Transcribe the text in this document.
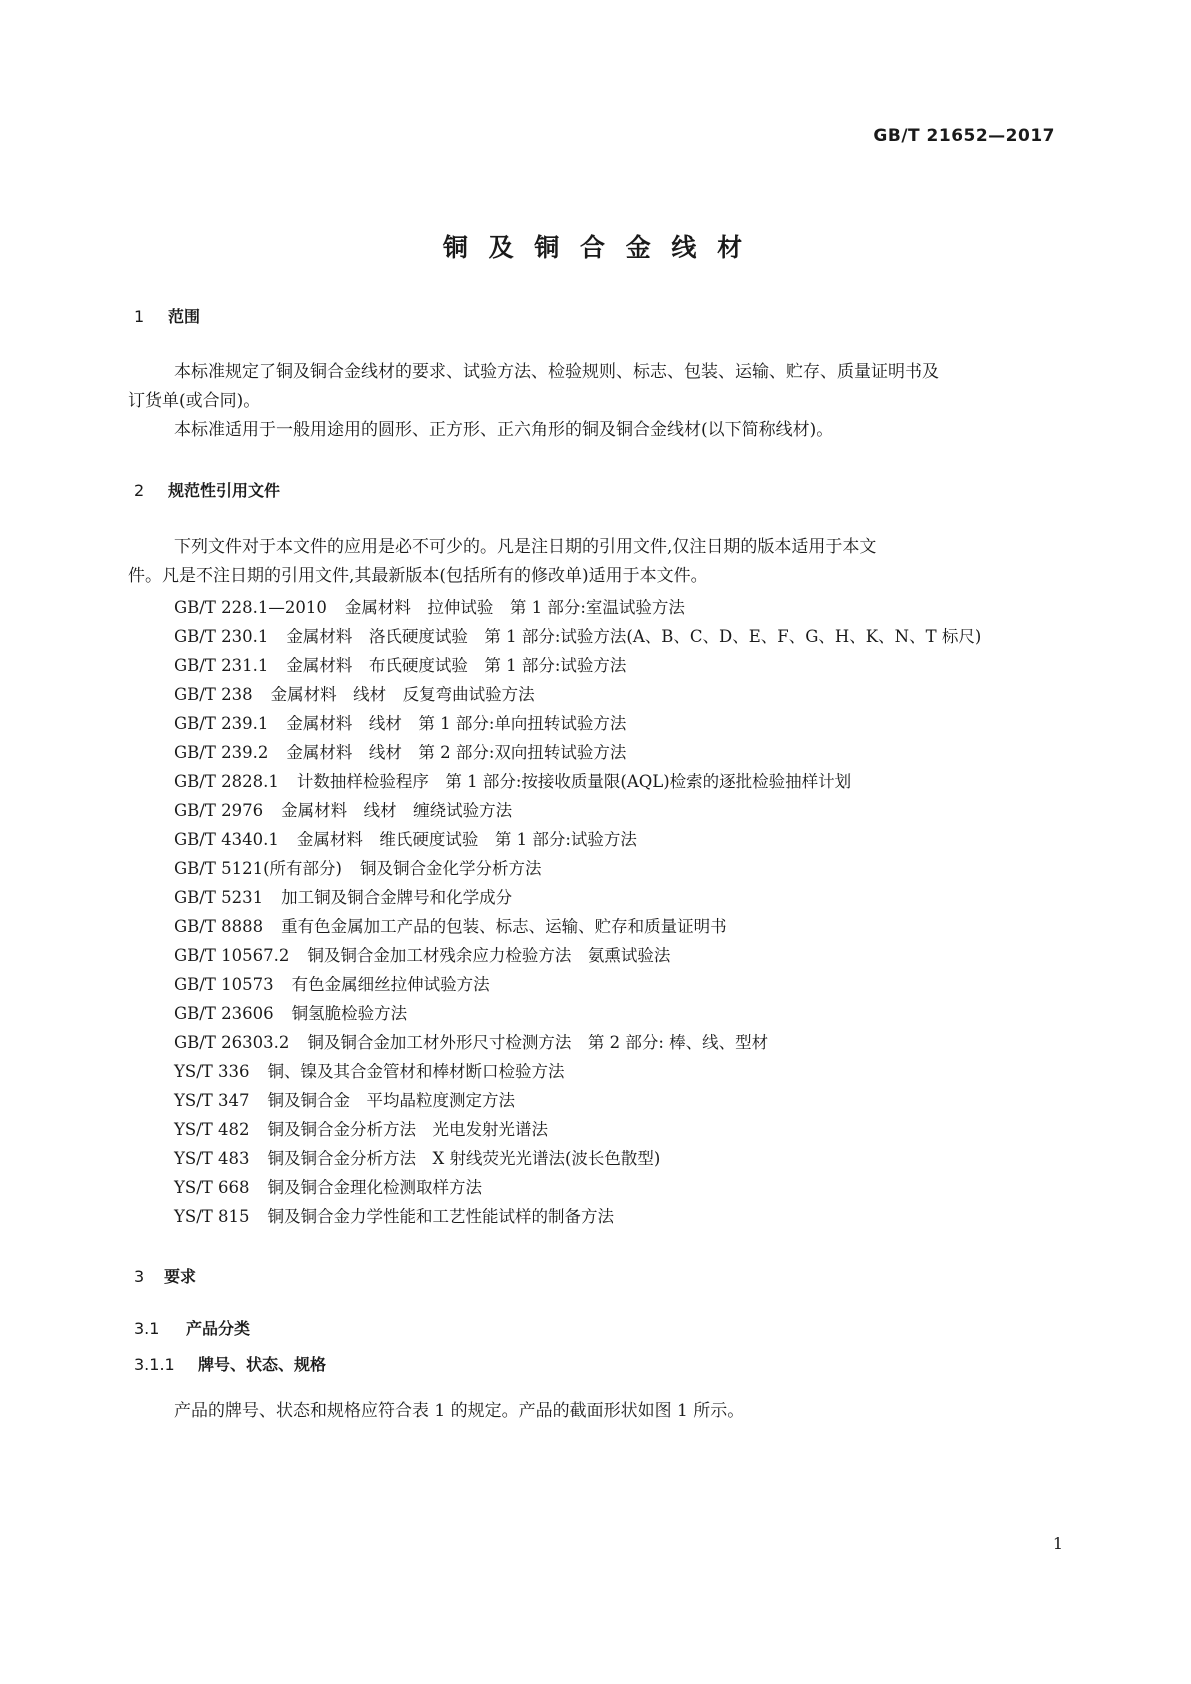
GB/T 21652—2017
铜 及 铜 合 金 线 材
1 范围
本标准规定了铜及铜合金线材的要求、试验方法、检验规则、标志、包装、运输、贮存、质量证明书及
订货单(或合同)。
本标准适用于一般用途用的圆形、正方形、正六角形的铜及铜合金线材(以下简称线材)。
2 规范性引用文件
下列文件对于本文件的应用是必不可少的。凡是注日期的引用文件,仅注日期的版本适用于本文
件。凡是不注日期的引用文件,其最新版本(包括所有的修改单)适用于本文件。
GB/T 228.1—2010 金属材料　拉伸试验　第 1 部分:室温试验方法
GB/T 230.1 金属材料　洛氏硬度试验　第 1 部分:试验方法(A、B、C、D、E、F、G、H、K、N、T 标尺)
GB/T 231.1 金属材料　布氏硬度试验　第 1 部分:试验方法
GB/T 238 金属材料　线材　反复弯曲试验方法
GB/T 239.1 金属材料　线材　第 1 部分:单向扭转试验方法
GB/T 239.2 金属材料　线材　第 2 部分:双向扭转试验方法
GB/T 2828.1 计数抽样检验程序　第 1 部分:按接收质量限(AQL)检索的逐批检验抽样计划
GB/T 2976 金属材料　线材　缠绕试验方法
GB/T 4340.1 金属材料　维氏硬度试验　第 1 部分:试验方法
GB/T 5121(所有部分) 铜及铜合金化学分析方法
GB/T 5231 加工铜及铜合金牌号和化学成分
GB/T 8888 重有色金属加工产品的包装、标志、运输、贮存和质量证明书
GB/T 10567.2 铜及铜合金加工材残余应力检验方法　氨熏试验法
GB/T 10573 有色金属细丝拉伸试验方法
GB/T 23606 铜氢脆检验方法
GB/T 26303.2 铜及铜合金加工材外形尺寸检测方法　第 2 部分: 棒、线、型材
YS/T 336 铜、镍及其合金管材和棒材断口检验方法
YS/T 347 铜及铜合金　平均晶粒度测定方法
YS/T 482 铜及铜合金分析方法　光电发射光谱法
YS/T 483 铜及铜合金分析方法　X 射线荧光光谱法(波长色散型)
YS/T 668 铜及铜合金理化检测取样方法
YS/T 815 铜及铜合金力学性能和工艺性能试样的制备方法
3 要求
3.1 产品分类
3.1.1 牌号、状态、规格
产品的牌号、状态和规格应符合表 1 的规定。产品的截面形状如图 1 所示。
1
